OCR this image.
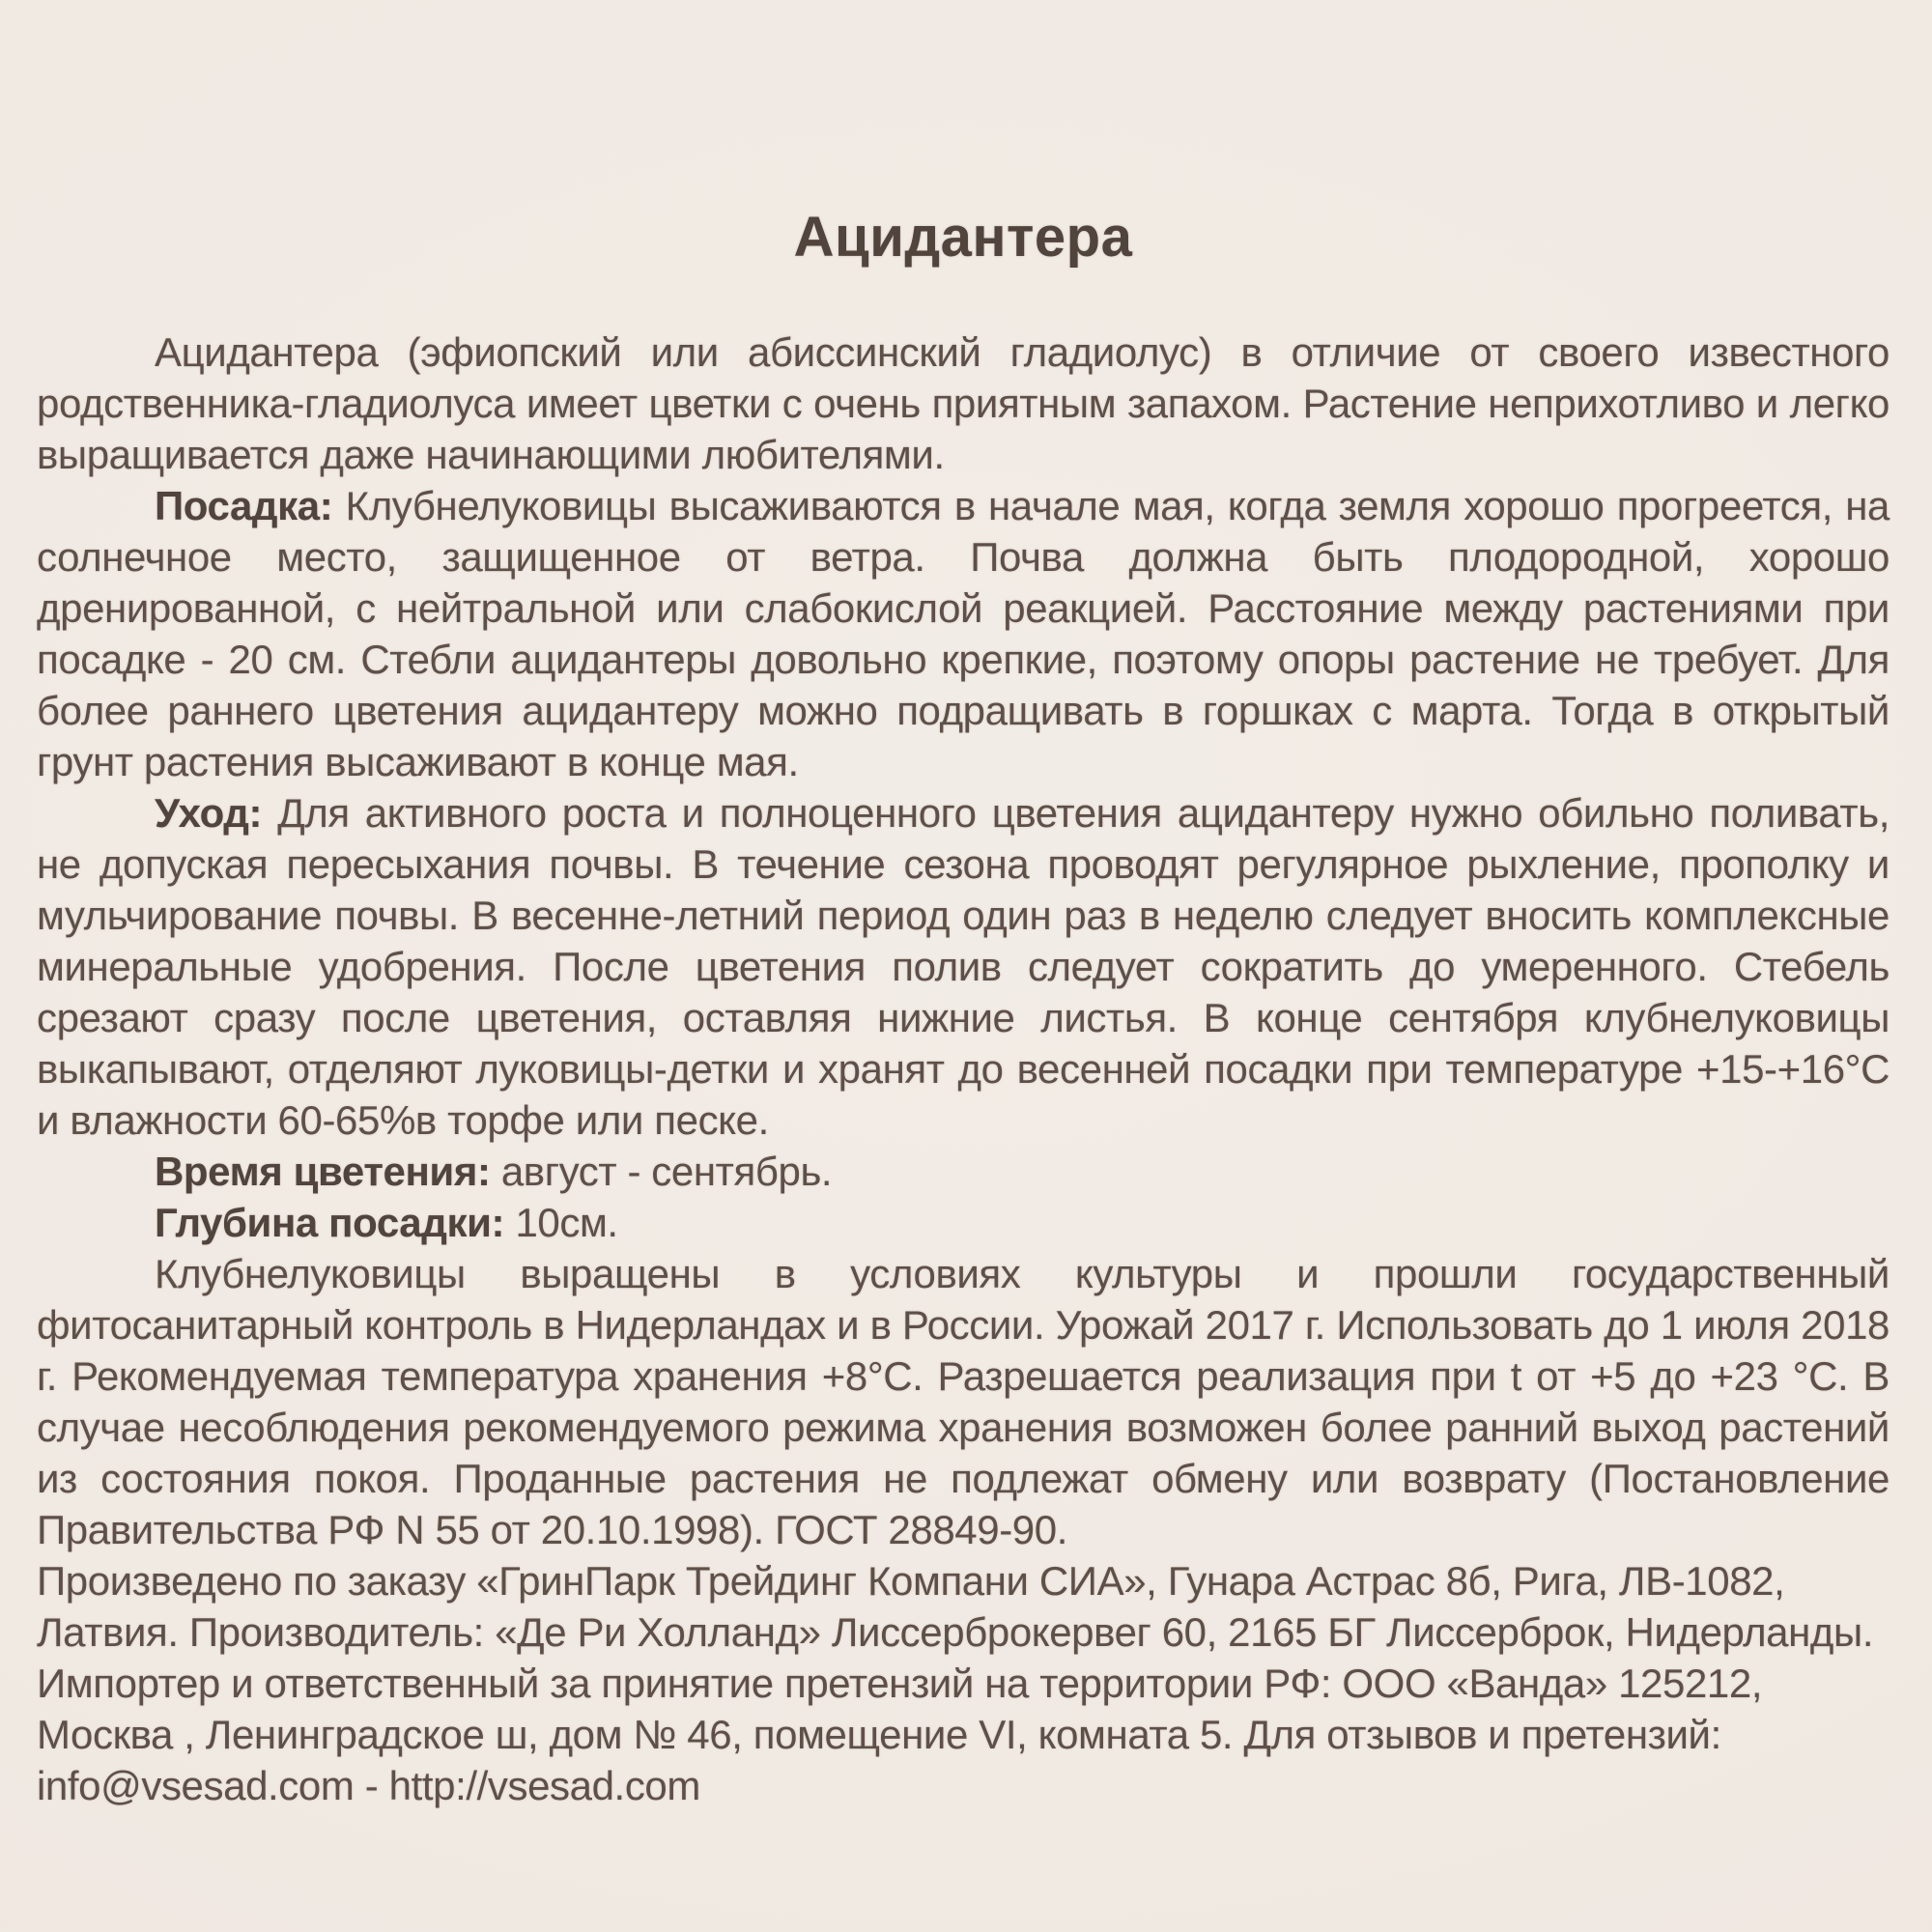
Ацидантера

Ацидантера (эфиопский или абиссинский гладиолус) в отличие от своего известного родственника-гладиолуса имеет цветки с очень приятным запахом. Растение неприхотливо и легко выращивается даже начинающими любителями.

Посадка: Клубнелуковицы высаживаются в начале мая, когда земля хорошо прогреется, на солнечное место, защищенное от ветра. Почва должна быть плодородной, хорошо дренированной, с нейтральной или слабокислой реакцией. Расстояние между растениями при посадке - 20 см. Стебли ацидантеры довольно крепкие, поэтому опоры растение не требует. Для более раннего цветения ацидантеру можно подращивать в горшках с марта. Тогда в открытый грунт растения высаживают в конце мая.

Уход: Для активного роста и полноценного цветения ацидантеру нужно обильно поливать, не допуская пересыхания почвы. В течение сезона проводят регулярное рыхление, прополку и мульчирование почвы. В весенне-летний период один раз в неделю следует вносить комплексные минеральные удобрения. После цветения полив следует сократить до умеренного. Стебель срезают сразу после цветения, оставляя нижние листья. В конце сентября клубнелуковицы выкапывают, отделяют луковицы-детки и хранят до весенней посадки при температуре +15-+16°С и влажности 60-65%в торфе или песке.

Время цветения: август - сентябрь.

Глубина посадки: 10см.

Клубнелуковицы выращены в условиях культуры и прошли государственный фитосанитарный контроль в Нидерландах и в России. Урожай 2017 г. Использовать до 1 июля 2018 г. Рекомендуемая температура хранения +8°С. Разрешается реализация при t от +5 до +23 °С. В случае несоблюдения рекомендуемого режима хранения возможен более ранний выход растений из состояния покоя. Проданные растения не подлежат обмену или возврату (Постановление Правительства РФ N 55 от 20.10.1998). ГОСТ 28849-90.

Произведено по заказу «ГринПарк Трейдинг Компани СИА», Гунара Астрас 8б, Рига, ЛВ-1082, Латвия. Производитель: «Де Ри Холланд» Лиссерброкервег 60, 2165 БГ Лиссерброк, Нидерланды. Импортер и ответственный за принятие претензий на территории РФ: ООО «Ванда» 125212, Москва , Ленинградское ш, дом № 46, помещение VI, комната 5. Для отзывов и претензий: info@vsesad.com - http://vsesad.com
